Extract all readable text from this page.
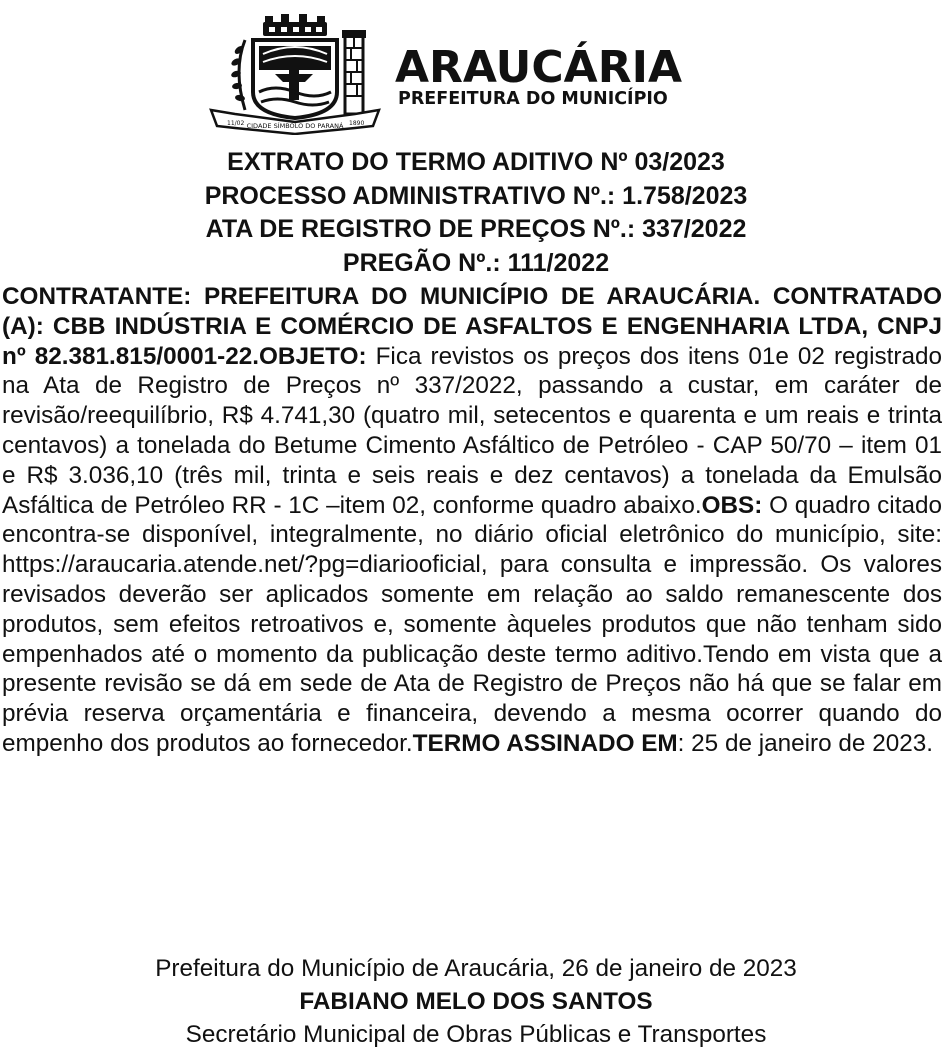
11/02 CIDADE SÍMBOLO DO PARANÁ 1890
ARAUCÁRIA
PREFEITURA DO MUNICÍPIO
EXTRATO DO TERMO ADITIVO Nº 03/2023
PROCESSO ADMINISTRATIVO Nº.: 1.758/2023
ATA DE REGISTRO DE PREÇOS Nº.: 337/2022
PREGÃO Nº.: 111/2022
CONTRATANTE: PREFEITURA DO MUNICÍPIO DE ARAUCÁRIA. CONTRATADO (A): CBB INDÚSTRIA E COMÉRCIO DE ASFALTOS E ENGENHARIA LTDA, CNPJ nº 82.381.815/0001-22.OBJETO: Fica revistos os preços dos itens 01e 02 registrado na Ata de Registro de Preços nº 337/2022, passando a custar, em caráter de revisão/reequilíbrio, R$ 4.741,30 (quatro mil, setecentos e quarenta e um reais e trinta centavos) a tonelada do Betume Cimento Asfáltico de Petróleo - CAP 50/70 – item 01 e R$ 3.036,10 (três mil, trinta e seis reais e dez centavos) a tonelada da Emulsão Asfáltica de Petróleo RR - 1C –item 02, conforme quadro abaixo.OBS: O quadro citado encontra-se disponível, integralmente, no diário oficial eletrônico do município, site: https://araucaria.atende.net/?pg=diariooficial, para consulta e impressão. Os valores revisados deverão ser aplicados somente em relação ao saldo remanescente dos produtos, sem efeitos retroativos e, somente àqueles produtos que não tenham sido empenhados até o momento da publicação deste termo aditivo.Tendo em vista que a presente revisão se dá em sede de Ata de Registro de Preços não há que se falar em prévia reserva orçamentária e financeira, devendo a mesma ocorrer quando do empenho dos produtos ao fornecedor.TERMO ASSINADO EM: 25 de janeiro de 2023.
Prefeitura do Município de Araucária, 26 de janeiro de 2023
FABIANO MELO DOS SANTOS
Secretário Municipal de Obras Públicas e Transportes
